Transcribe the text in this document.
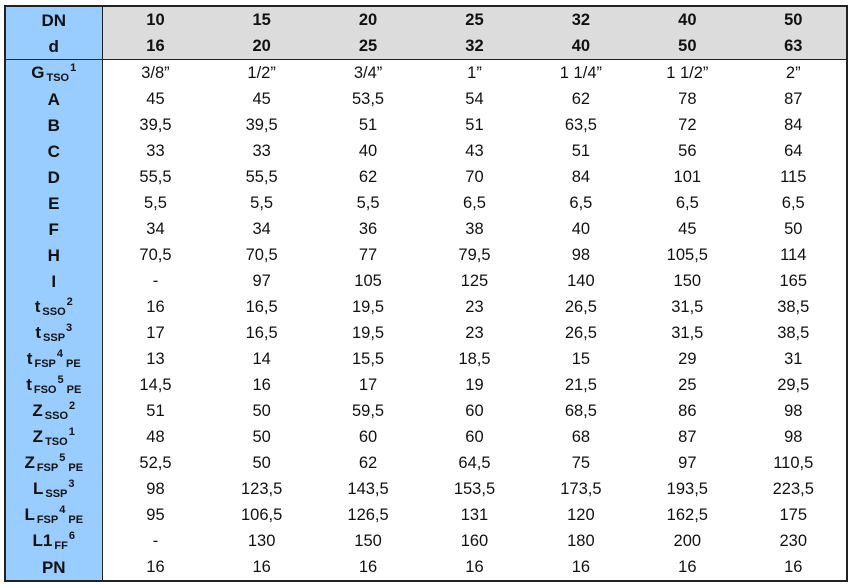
DN	10	15	20	25	32	40	50
d	16	20	25	32	40	50	63
G $_{TSO}^1$	3/8”	1/2”	3/4”	1”	1 1/4”	1 1/2”	2”
A	45	45	53,5	54	62	78	87
B	39,5	39,5	51	51	63,5	72	84
C	33	33	40	43	51	56	64
D	55,5	55,5	62	70	84	101	115
E	5,5	5,5	5,5	6,5	6,5	6,5	6,5
F	34	34	36	38	40	45	50
H	70,5	70,5	77	79,5	98	105,5	114
I	-	97	105	125	140	150	165
t $_{SSO}^2$	16	16,5	19,5	23	26,5	31,5	38,5
t $_{SSP}^3$	17	16,5	19,5	23	26,5	31,5	38,5
t $_{FSP}^4$PE	13	14	15,5	18,5	15	29	31
t $_{FSO}^5$PE	14,5	16	17	19	21,5	25	29,5
Z $_{SSO}^2$	51	50	59,5	60	68,5	86	98
Z $_{TSO}^1$	48	50	60	60	68	87	98
Z $_{FSP}^5$PE	52,5	50	62	64,5	75	97	110,5
L $_{SSP}^3$	98	123,5	143,5	153,5	173,5	193,5	223,5
L $_{FSP}^4$PE	95	106,5	126,5	131	120	162,5	175
L1 $_{FF}^6$	-	130	150	160	180	200	230
PN	16	16	16	16	16	16	16
